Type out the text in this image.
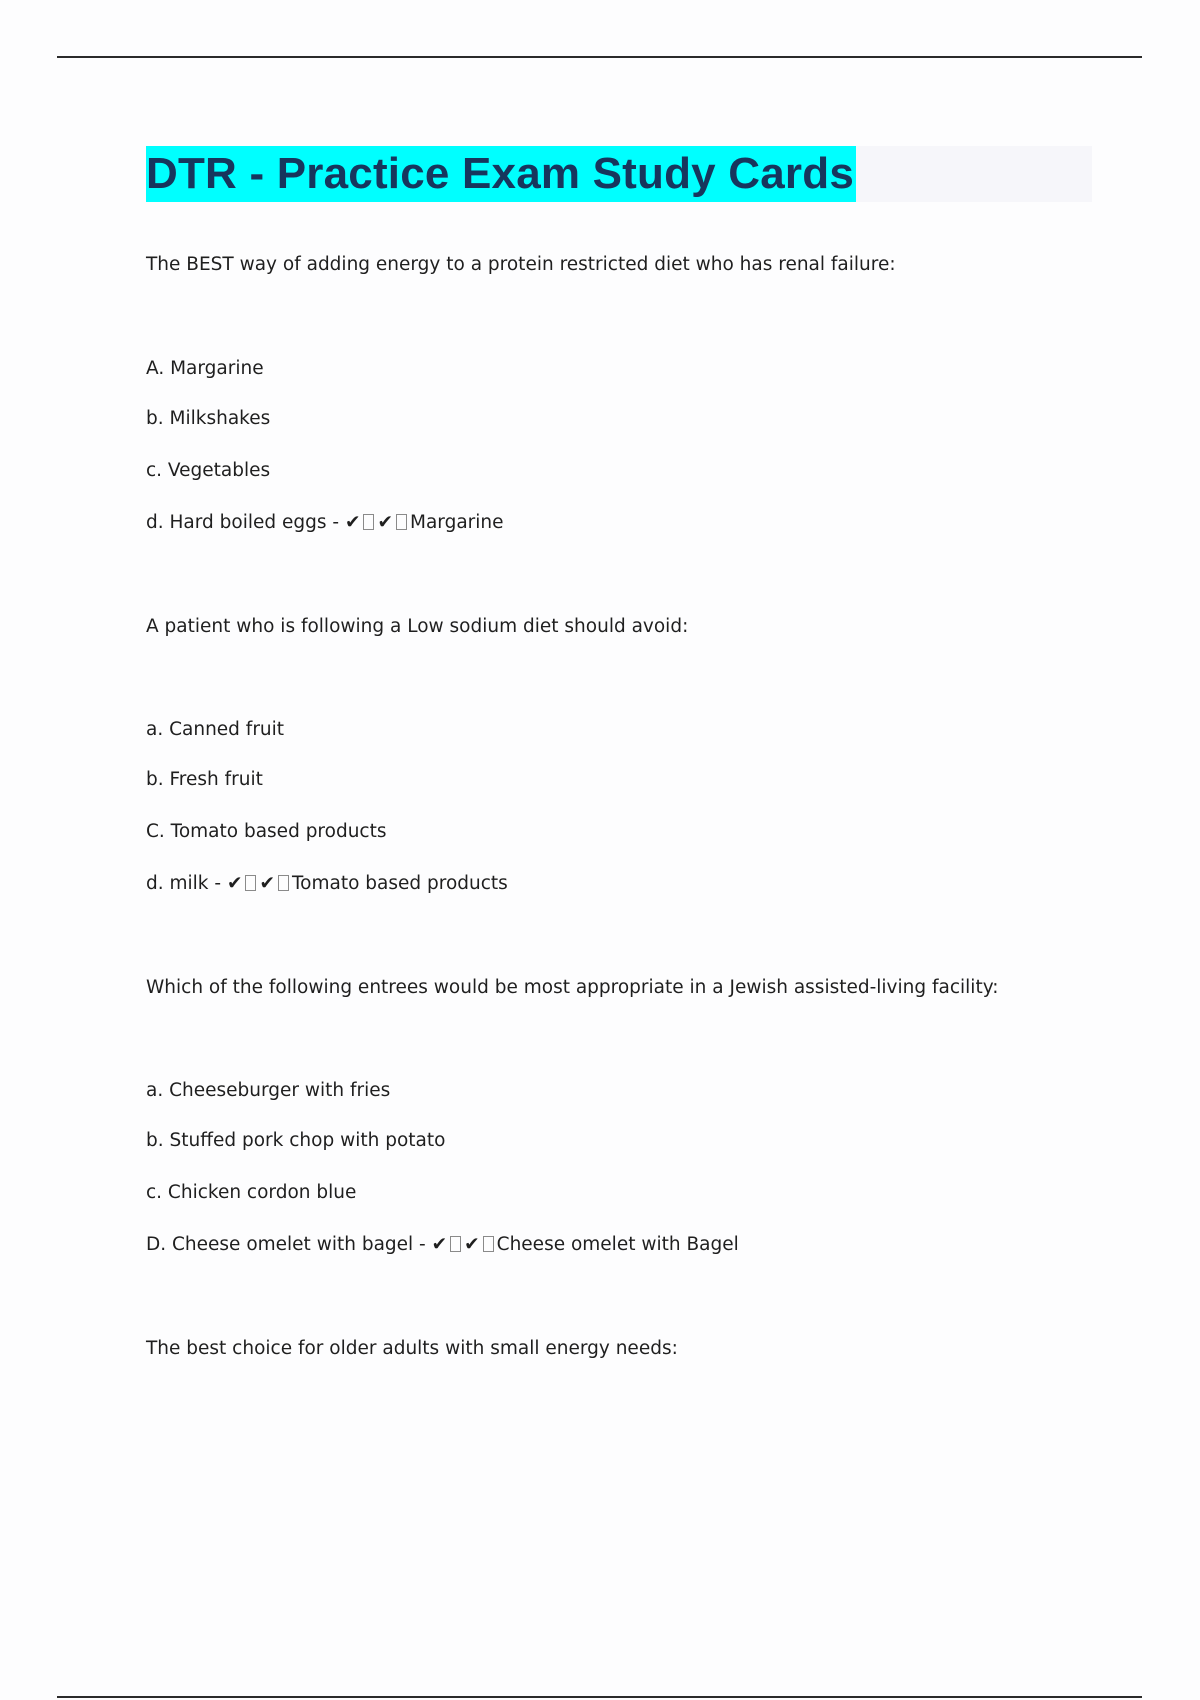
DTR - Practice Exam Study Cards
The BEST way of adding energy to a protein restricted diet who has renal failure:
A. Margarine
b. Milkshakes
c. Vegetables
d. Hard boiled eggs - ✔ ✔ Margarine
A patient who is following a Low sodium diet should avoid:
a. Canned fruit
b. Fresh fruit
C. Tomato based products
d. milk - ✔ ✔ Tomato based products
Which of the following entrees would be most appropriate in a Jewish assisted-living facility:
a. Cheeseburger with fries
b. Stuffed pork chop with potato
c. Chicken cordon blue
D. Cheese omelet with bagel - ✔ ✔ Cheese omelet with Bagel
The best choice for older adults with small energy needs:
